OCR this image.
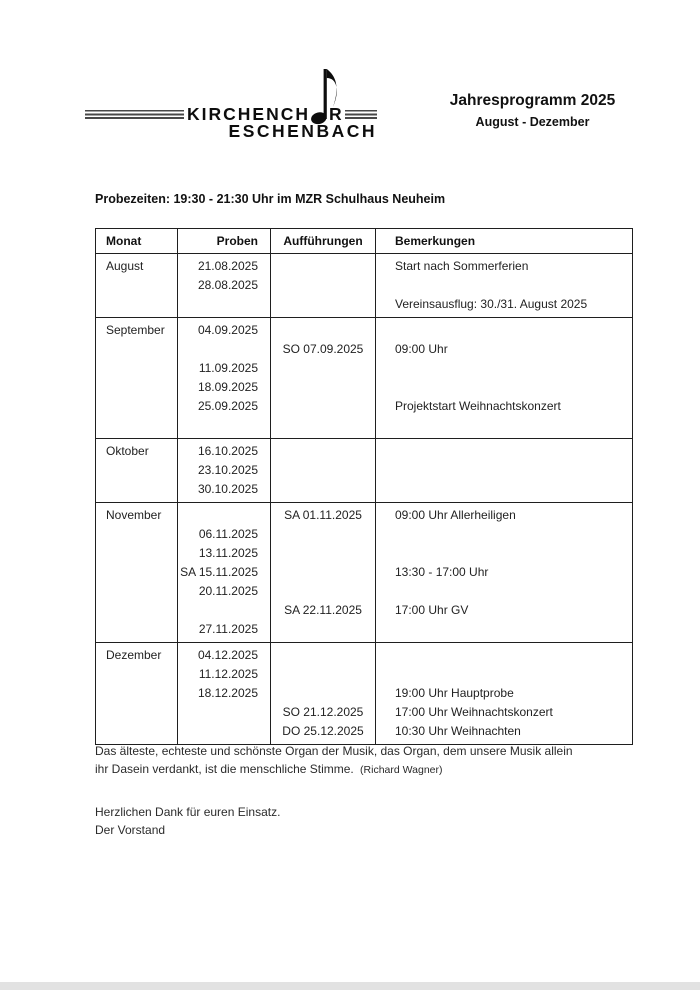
KIRCHENCH R
ESCHENBACH
Jahresprogramm 2025
August - Dezember
Probezeiten: 19:30 - 21:30 Uhr im MZR Schulhaus Neuheim
Monat	Proben	Aufführungen	Bemerkungen
August	21.08.2025		Start nach Sommerferien
	28.08.2025		
			Vereinsausflug: 30./31. August 2025
September	04.09.2025		
		SO 07.09.2025	09:00 Uhr
	11.09.2025		
	18.09.2025		
	25.09.2025		Projektstart Weihnachtskonzert

Oktober	16.10.2025		
	23.10.2025		
	30.10.2025		
November		SA 01.11.2025	09:00 Uhr Allerheiligen
	06.11.2025		
	13.11.2025		
	SA 15.11.2025		13:30 - 17:00 Uhr
	20.11.2025		
		SA 22.11.2025	17:00 Uhr GV
	27.11.2025		
Dezember	04.12.2025		
	11.12.2025		
	18.12.2025		19:00 Uhr Hauptprobe
		SO 21.12.2025	17:00 Uhr Weihnachtskonzert
		DO 25.12.2025	10:30 Uhr Weihnachten
Das älteste, echteste und schönste Organ der Musik, das Organ, dem unsere Musik allein
ihr Dasein verdankt, ist die menschliche Stimme. (Richard Wagner)
Herzlichen Dank für euren Einsatz.
Der Vorstand
